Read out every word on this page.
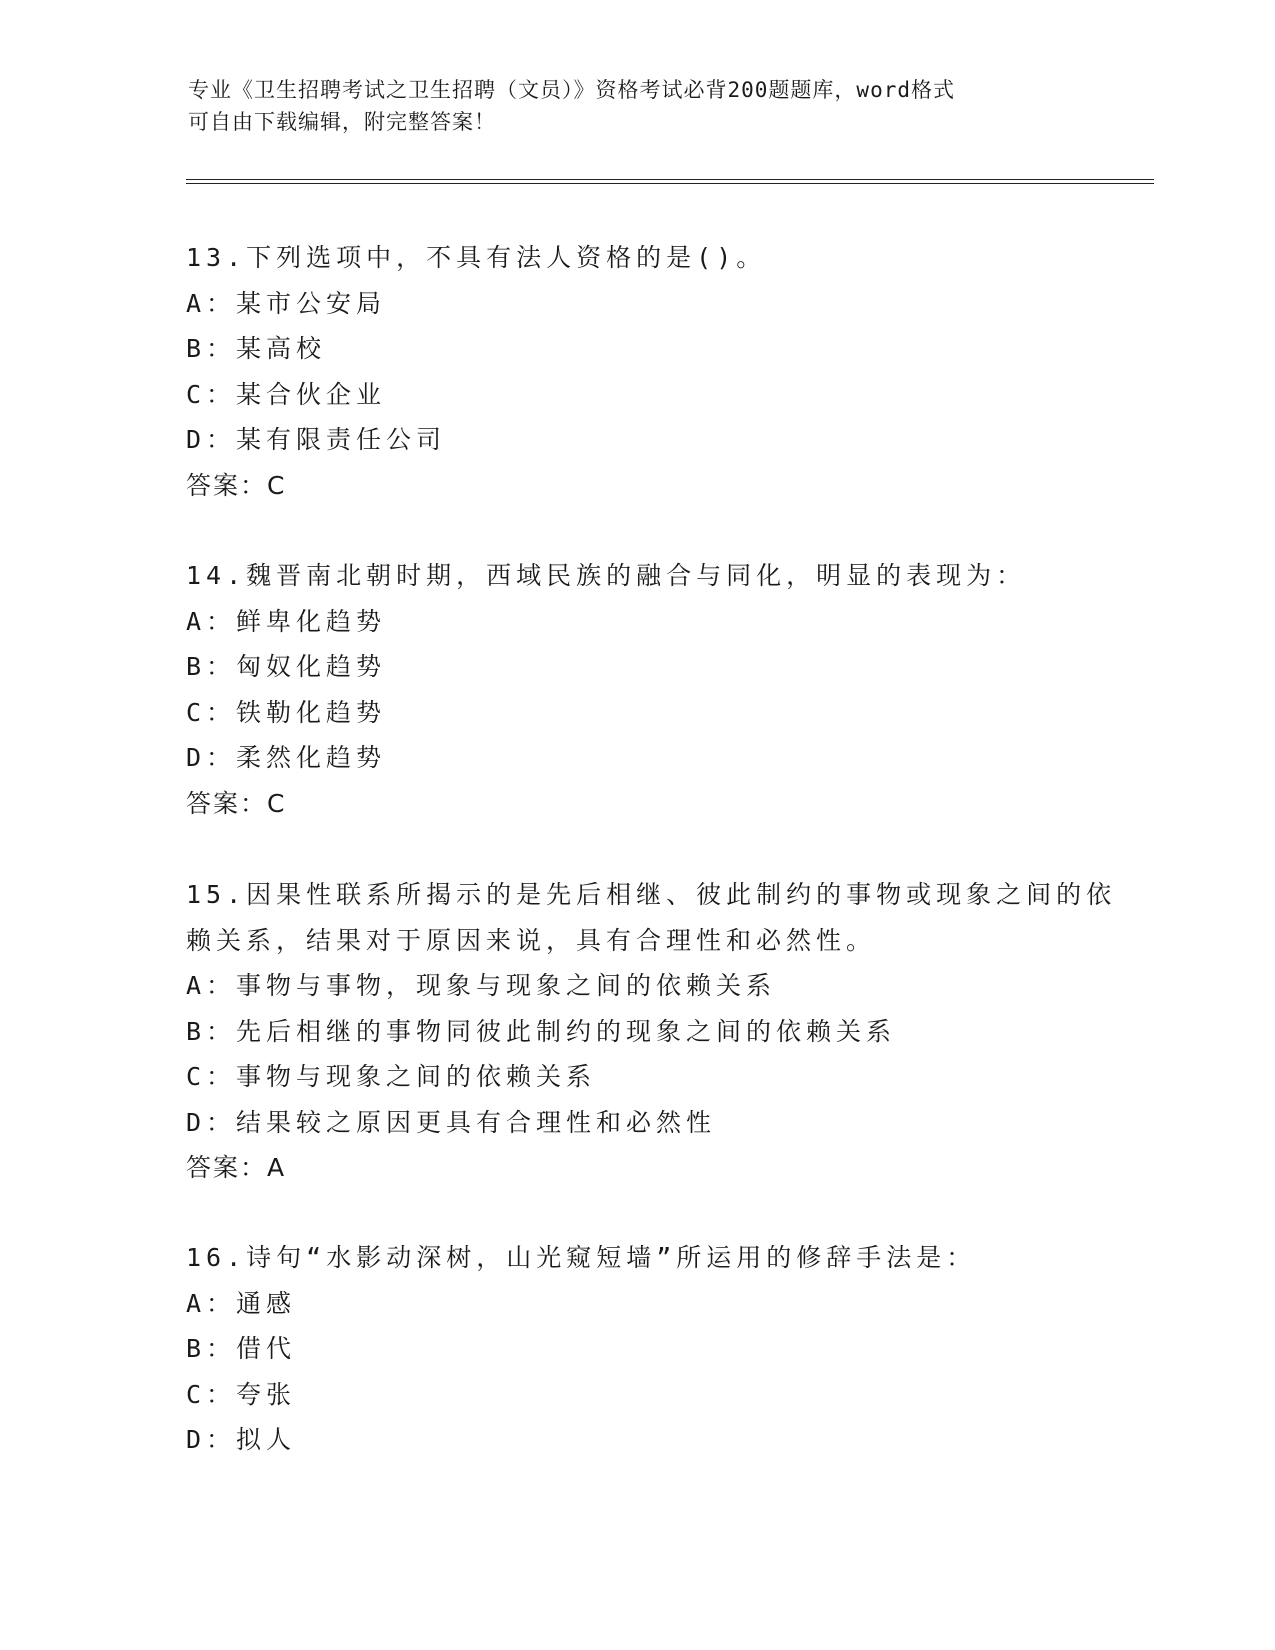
专业《卫生招聘考试之卫生招聘（文员）》资格考试必背200题题库，word格式
可自由下载编辑，附完整答案！
13.下列选项中，不具有法人资格的是()。
A：某市公安局
B：某高校
C：某合伙企业
D：某有限责任公司
答案：C
14.魏晋南北朝时期，西域民族的融合与同化，明显的表现为：
A：鲜卑化趋势
B：匈奴化趋势
C：铁勒化趋势
D：柔然化趋势
答案：C
15.因果性联系所揭示的是先后相继、彼此制约的事物或现象之间的依
赖关系，结果对于原因来说，具有合理性和必然性。
A：事物与事物，现象与现象之间的依赖关系
B：先后相继的事物同彼此制约的现象之间的依赖关系
C：事物与现象之间的依赖关系
D：结果较之原因更具有合理性和必然性
答案：A
16.诗句“水影动深树，山光窥短墙”所运用的修辞手法是：
A：通感
B：借代
C：夸张
D：拟人
